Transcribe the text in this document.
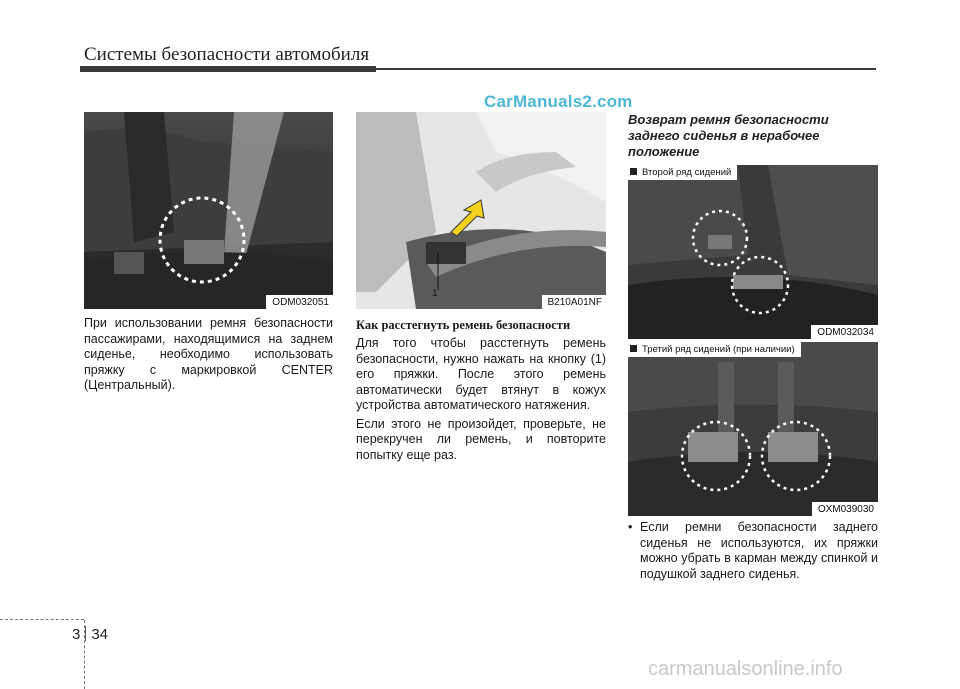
Системы безопасности автомобиля
CarManuals2.com
ODM032051
1
B210A01NF
Второй ряд сидений
ODM032034
Третий ряд сидений (при наличии)
OXM039030

При использовании ремня безопасности пассажирами, находящимися на заднем сиденье, необходимо использовать пряжку с маркировкой CENTER (Центральный).

Как расстегнуть ремень безопасности

Для того чтобы расстегнуть ремень безопасности, нужно нажать на кнопку (1) его пряжки. После этого ремень автоматически будет втянут в кожух устройства автоматического натяжения.

Если этого не произойдет, проверьте, не перекручен ли ремень, и повторите попытку еще раз.

Возврат ремня безопасности заднего сиденья в нерабочее положение
• Если ремни безопасности заднего сиденья не используются, их пряжки можно убрать в карман между спинкой и подушкой заднего сиденья.
3 34
carmanualsonline.info
